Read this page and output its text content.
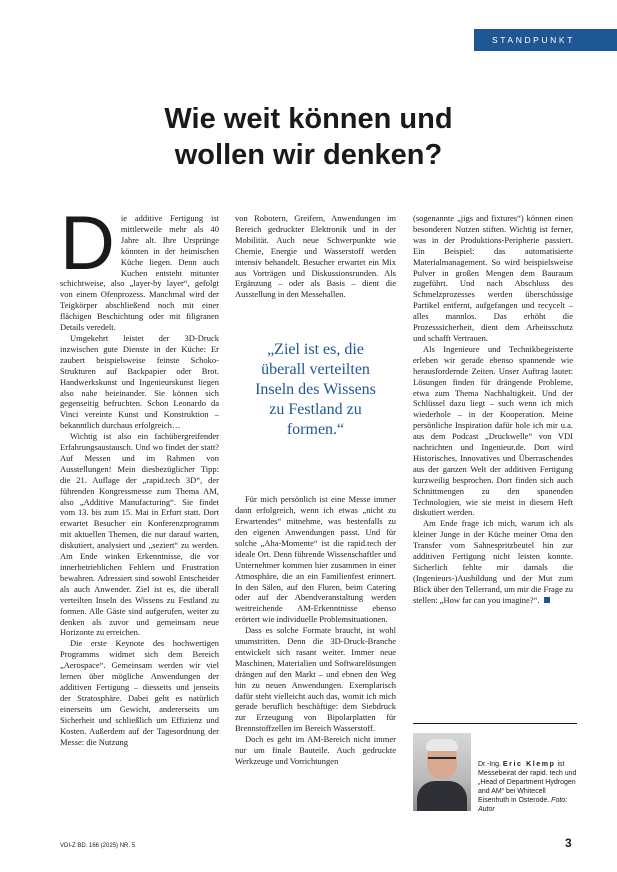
STANDPUNKT
Wie weit können und
wollen wir denken?
D ie additive Fertigung ist mittlerweile mehr als 40 Jahre alt. Ihre Ursprünge könnten in der heimischen Küche liegen. Denn auch Kuchen entsteht mitunter schichtweise, also „layer-by layer“, gefolgt von einem Ofenprozess. Manchmal wird der Teigkörper abschließend noch mit einer flächigen Beschichtung oder mit filigranen Details veredelt.

Umgekehrt leistet der 3D-Druck inzwischen gute Dienste in der Küche: Er zaubert beispielsweise feinste Schoko-Strukturen auf Backpapier oder Brot. Handwerkskunst und Ingenieurskunst liegen also nahe beieinander. Sie können sich gegenseitig befruchten. Schon Leonardo da Vinci vereinte Kunst und Konstruktion – bekanntlich durchaus erfolgreich…

Wichtig ist also ein fachübergreifender Erfahrungsaustausch. Und wo findet der statt? Auf Messen und im Rahmen von Ausstellungen! Mein diesbezüglicher Tipp: die 21. Auflage der „rapid.tech 3D“, der führenden Kongressmesse zum Thema AM, also „Additive Manufacturing“. Sie findet vom 13. bis zum 15. Mai in Erfurt statt. Dort erwartet Besucher ein Konferenzprogramm mit aktuellen Themen, die nur darauf warten, diskutiert, analysiert und „seziert“ zu werden. Am Ende winken Erkenntnisse, die vor innerbetrieblichen Fehlern und Frustration bewahren. Adressiert sind sowohl Entscheider als auch Anwender. Ziel ist es, die überall verteilten Inseln des Wissens zu Festland zu formen. Alle Gäste sind aufgerufen, weiter zu denken als zuvor und gemeinsam neue Horizonte zu erreichen.

Die erste Keynote des hochwertigen Programms widmet sich dem Bereich „Aerospace“. Gemeinsam werden wir viel lernen über mögliche Anwendungen der additiven Fertigung – diesseits und jenseits der Stratosphäre. Dabei geht es natürlich einerseits um Gewicht, andererseits um Sicherheit und schließlich um Effizienz und Kosten. Außerdem auf der Tagesordnung der Messe: die Nutzung

von Robotern, Greifern, Anwendungen im Bereich gedruckter Elektronik und in der Mobilität. Auch neue Schwerpunkte wie Chemie, Energie und Wasserstoff werden intensiv behandelt. Besucher erwartet ein Mix aus Vorträgen und Diskussionsrunden. Als Ergänzung – oder als Basis – dient die Ausstellung in den Messehallen.

„Ziel ist es, die überall verteilten Inseln des Wissens zu Festland zu formen.“

Für mich persönlich ist eine Messe immer dann erfolgreich, wenn ich etwas „nicht zu Erwartendes“ mitnehme, was bestenfalls zu den eigenen Anwendungen passt. Und für solche „Aha-Momente“ ist die rapid.tech der ideale Ort. Denn führende Wissenschaftler und Unternehmer kommen hier zusammen in einer Atmosphäre, die an ein Familienfest erinnert. In den Sälen, auf den Fluren, beim Catering oder auf der Abendveranstaltung werden weitreichende AM-Erkenntnisse ebenso erörtert wie individuelle Problemsituationen.

Dass es solche Formate braucht, ist wohl unumstritten. Denn die 3D-Druck-Branche entwickelt sich rasant weiter. Immer neue Maschinen, Materialien und Softwarelösungen drängen auf den Markt – und ebnen den Weg hin zu neuen Anwendungen. Exemplarisch dafür steht vielleicht auch das, womit ich mich gerade beruflich beschäftige: dem Siebdruck zur Erzeugung von Bipolarplatten für Brennstoffzellen im Bereich Wasserstoff.

Doch es geht im AM-Bereich nicht immer nur um finale Bauteile. Auch gedruckte Werkzeuge und Vorrichtungen

(sogenannte „jigs and fixtures“) können einen besonderen Nutzen stiften. Wichtig ist ferner, was in der Produktions-Peripherie passiert. Ein Beispiel: das automatisierte Materialmanagement. So wird beispielsweise Pulver in großen Mengen dem Bauraum zugeführt. Und nach Abschluss des Schmelzprozesses werden überschüssige Partikel entfernt, aufgefangen und recycelt – alles mannlos. Das erhöht die Prozesssicherheit, dient dem Arbeitsschutz und schafft Vertrauen.

Als Ingenieure und Technikbegeisterte erleben wir gerade ebenso spannende wie herausfordernde Zeiten. Unser Auftrag lautet: Lösungen finden für drängende Probleme, etwa zum Thema Nachhaltigkeit. Und der Schlüssel dazu liegt – such wenn ich mich wiederhole – in der Kooperation. Meine persönliche Inspiration dafür hole ich mir u.a. aus dem Podcast „Druckwelle“ von VDI nachrichten und Ingenieur.de. Dort wird Historisches, Innovatives und Überraschendes aus der ganzen Welt der additiven Fertigung kurzweilig besprochen. Dort finden sich auch Schnittmengen zu den spanenden Technologien, wie sie meist in diesem Heft diskutiert werden.

Am Ende frage ich mich, warum ich als kleiner Junge in der Küche meiner Oma den Transfer vom Sahnespritzbeutel hin zur additiven Fertigung nicht leisten konnte. Sicherlich fehlte mir damals die (Ingenieurs-)Ausbildung und der Mut zum Blick über den Tellerrand, um mir die Frage zu stellen: „How far can you imagine?“.

Dr.-Ing. Eric Klemp ist Messebeirat der rapid. tech und „Head of Department Hydrogen and AM“ bei Whitecell Eisenhuth in Osterode. Foto: Autor
VDI-Z BD. 166 (2025) NR. 5	3
